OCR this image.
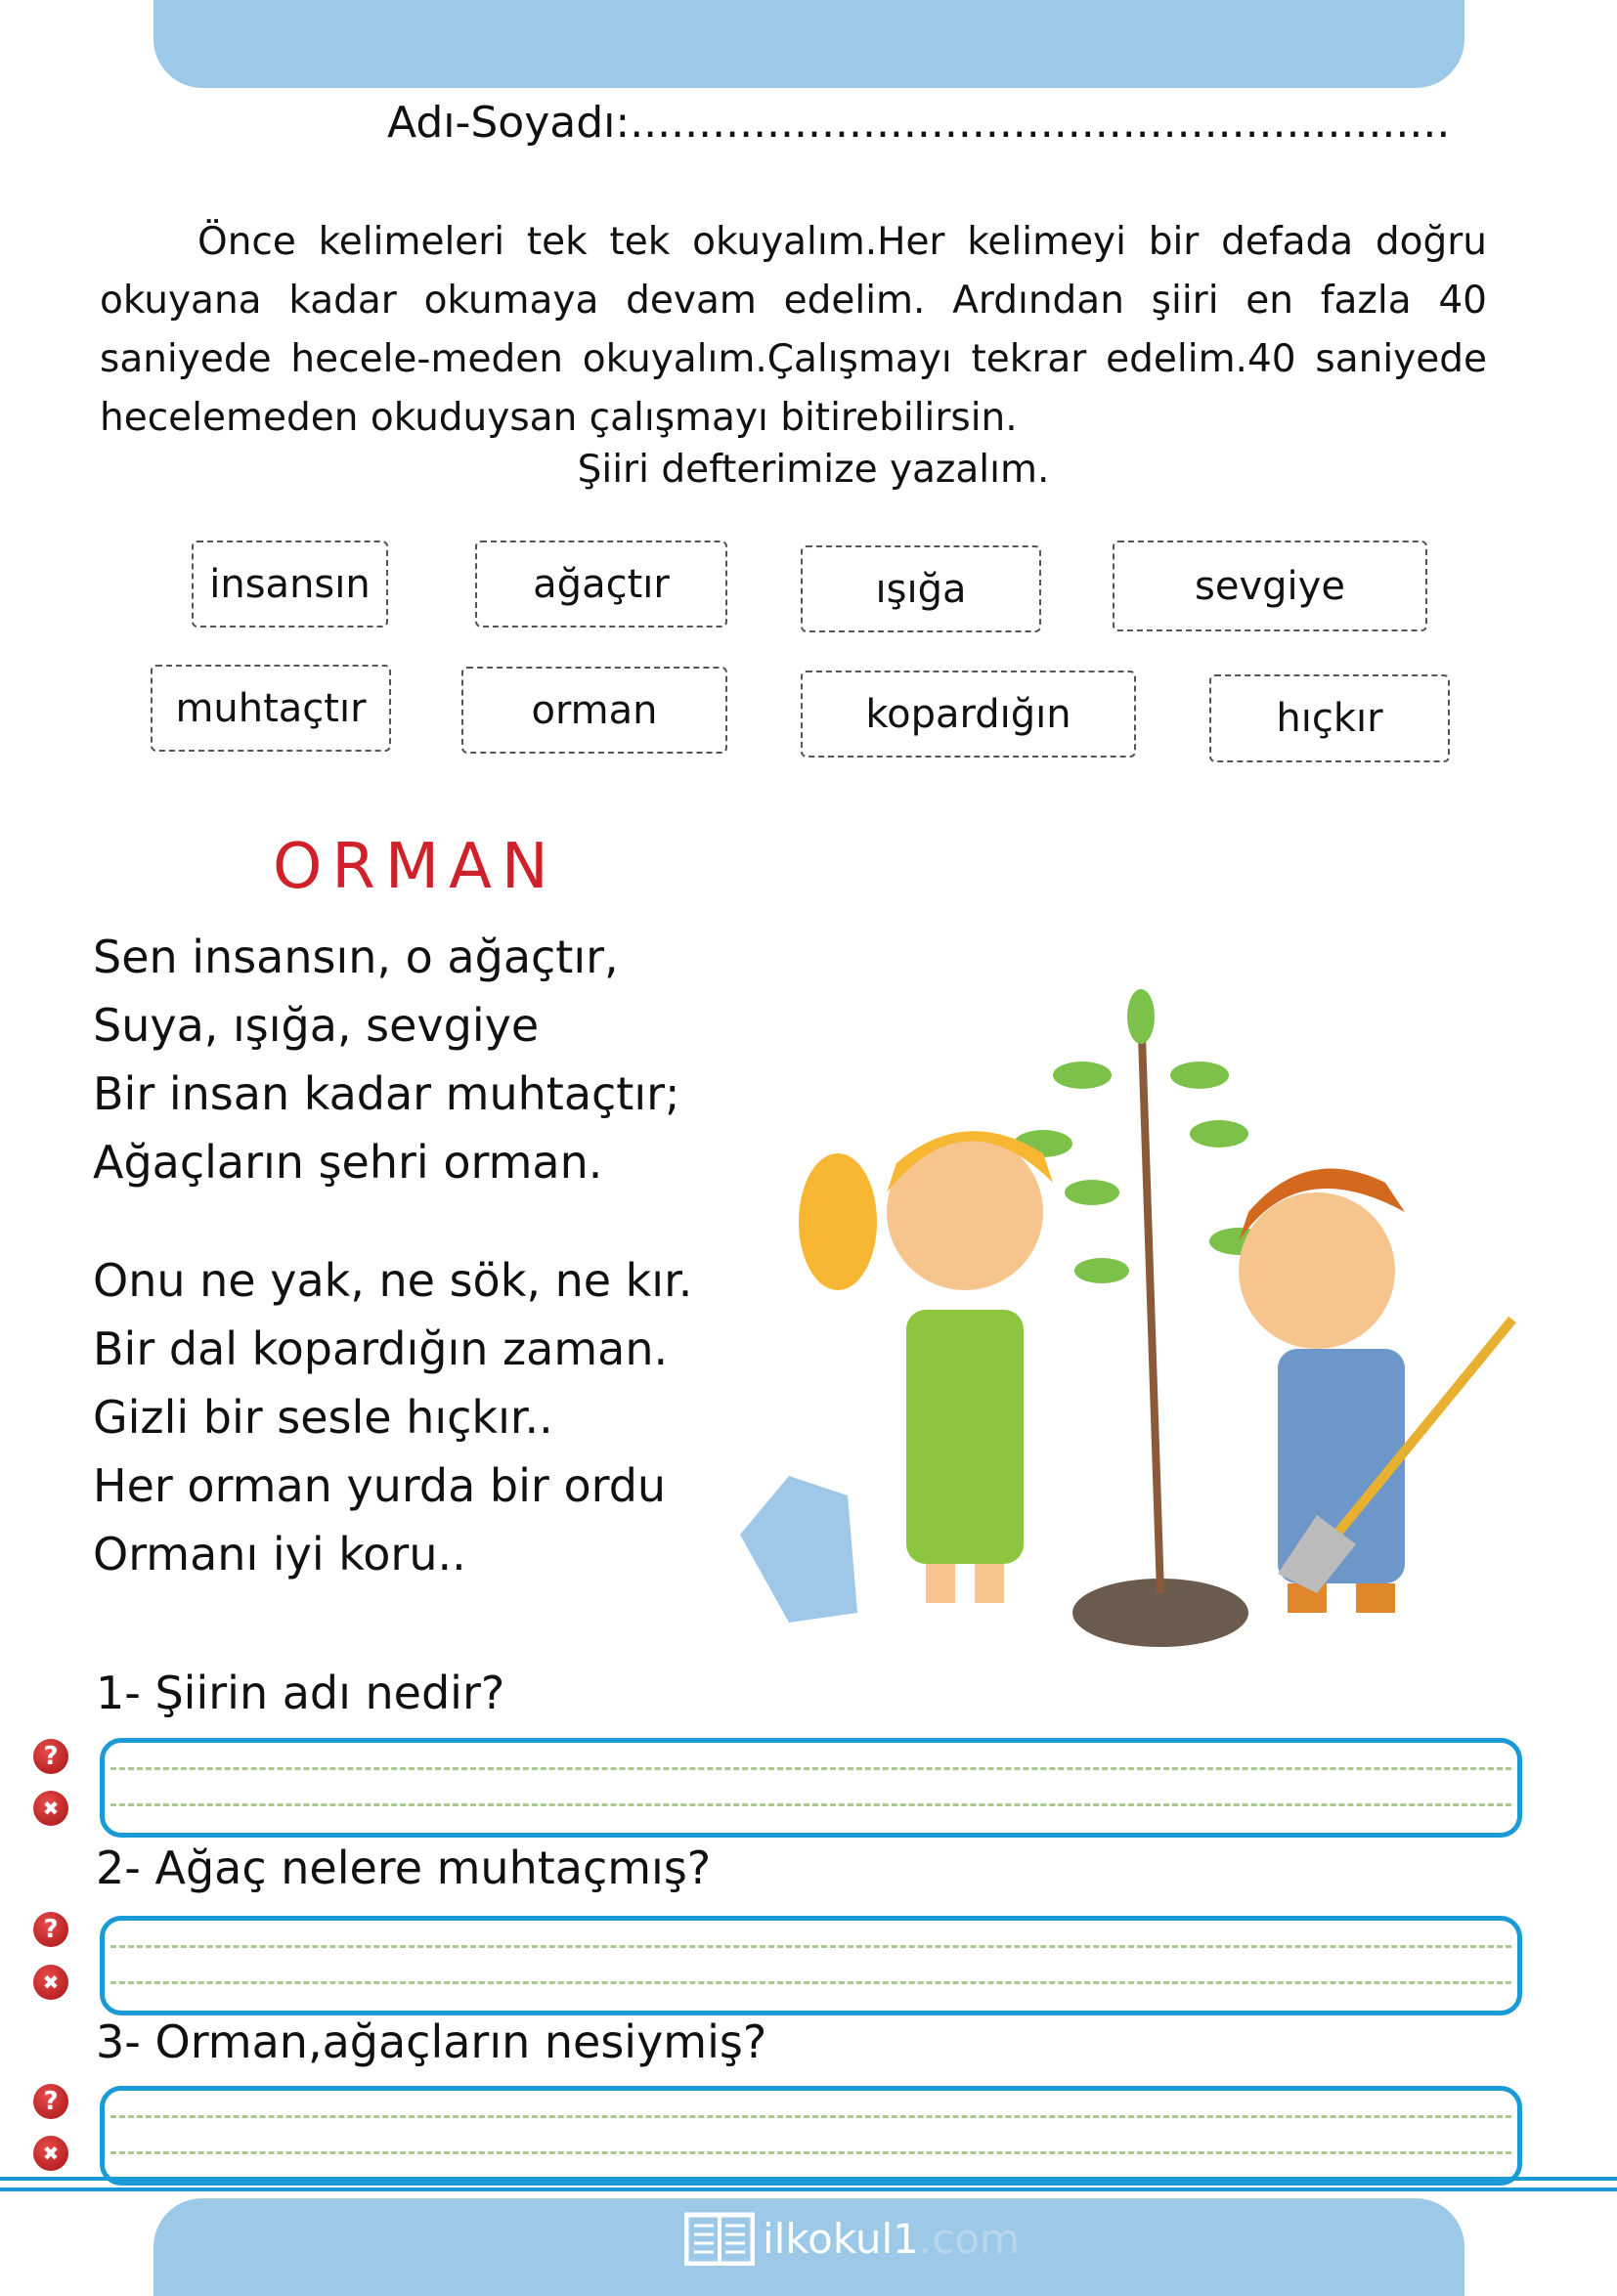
Adı-Soyadı:............................................................

Önce kelimeleri tek tek okuyalım.Her kelimeyi bir defada doğru okuyana kadar okumaya devam edelim. Ardından şiiri en fazla 40 saniyede hecele-meden okuyalım.Çalışmayı tekrar edelim.40 saniyede hecelemeden okuduysan çalışmayı bitirebilirsin.

Şiiri defterimize yazalım.
insansın	ağaçtır	ışığa	sevgiye
muhtaçtır	orman	kopardığın	hıçkır
ORMAN
Sen insansın, o ağaçtır,
Suya, ışığa, sevgiye
Bir insan kadar muhtaçtır;
Ağaçların şehri orman.
Onu ne yak, ne sök, ne kır.
Bir dal kopardığın zaman.
Gizli bir sesle hıçkır..
Her orman yurda bir ordu
Ormanı iyi koru..
1- Şiirin adı nedir?
?
✖
2- Ağaç nelere muhtaçmış?
?
✖
3- Orman,ağaçların nesiymiş?
?
✖
ilkokul1 .com
